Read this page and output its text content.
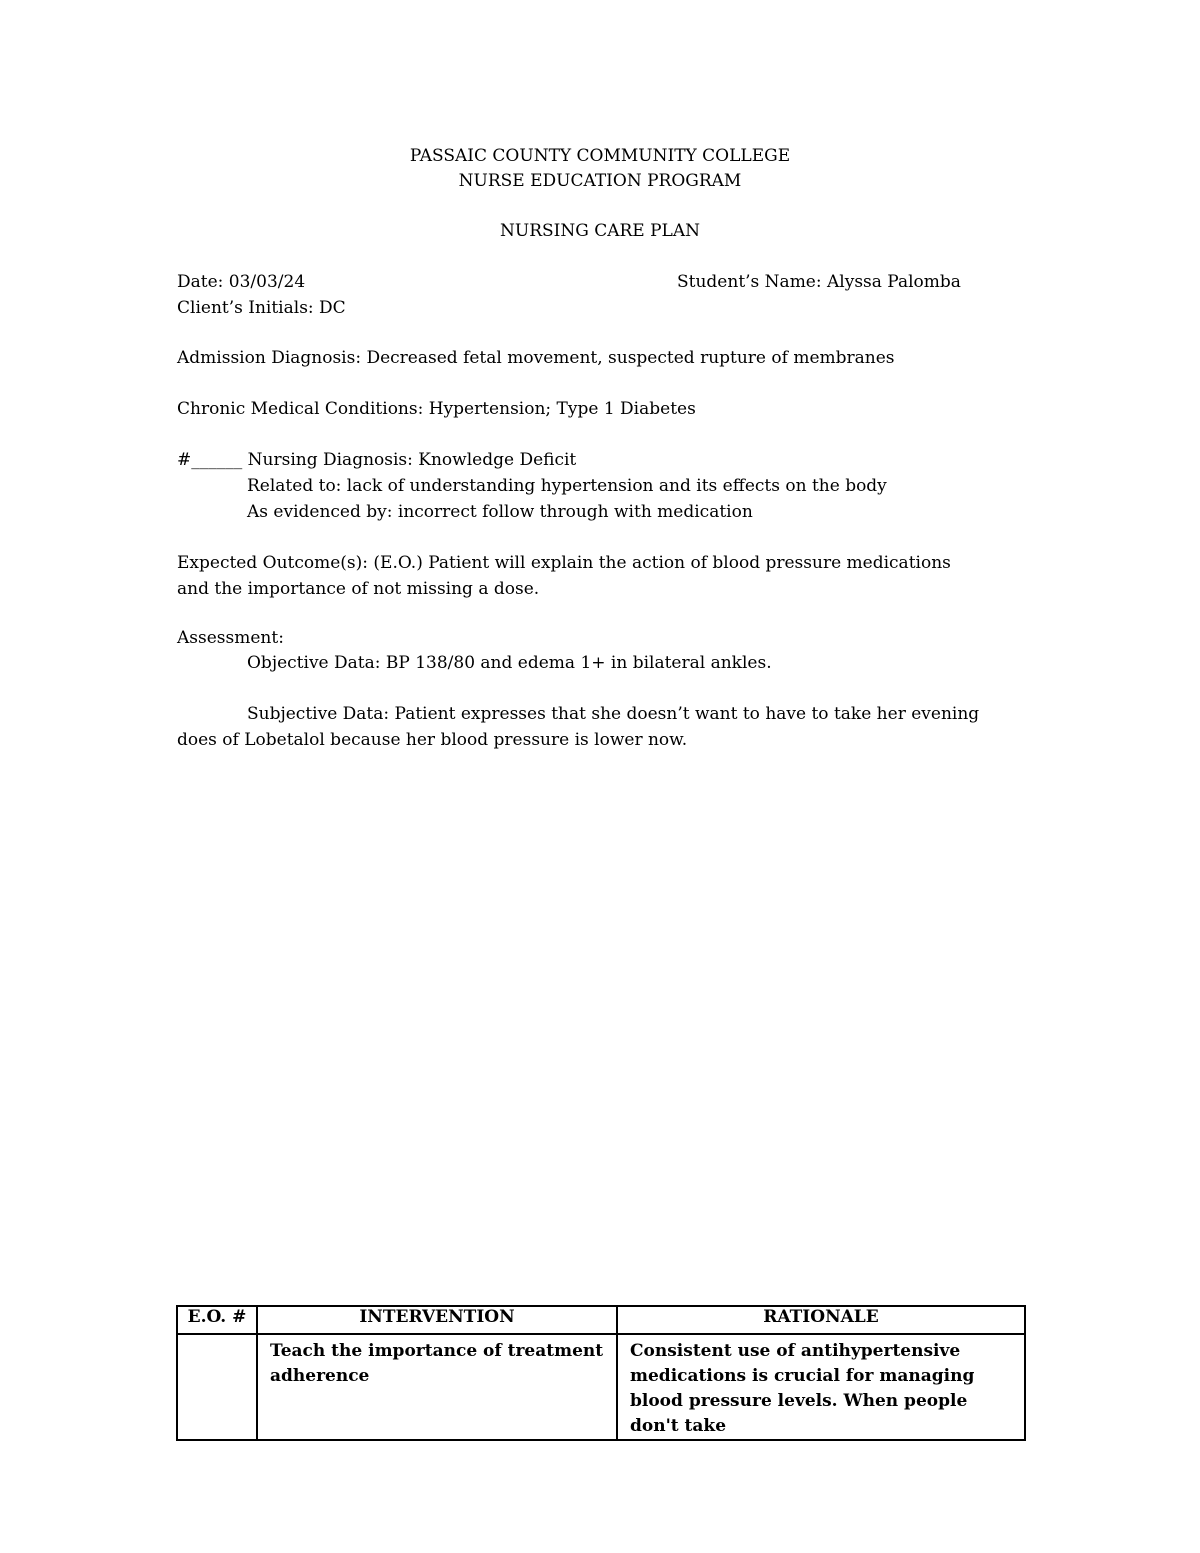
PASSAIC COUNTY COMMUNITY COLLEGE
NURSE EDUCATION PROGRAM
NURSING CARE PLAN
Date: 03/03/24	Student’s Name: Alyssa Palomba
Client’s Initials: DC
Admission Diagnosis: Decreased fetal movement, suspected rupture of membranes
Chronic Medical Conditions: Hypertension; Type 1 Diabetes
#______ Nursing Diagnosis: Knowledge Deficit
Related to: lack of understanding hypertension and its effects on the body
As evidenced by: incorrect follow through with medication
Expected Outcome(s): (E.O.) Patient will explain the action of blood pressure medications
and the importance of not missing a dose.
Assessment:
Objective Data: BP 138/80 and edema 1+ in bilateral ankles.
Subjective Data: Patient expresses that she doesn’t want to have to take her evening
does of Lobetalol because her blood pressure is lower now.
E.O. #	INTERVENTION	RATIONALE
	Teach the importance of treatment adherence	Consistent use of antihypertensive medications is crucial for managing blood pressure levels. When people don't take
